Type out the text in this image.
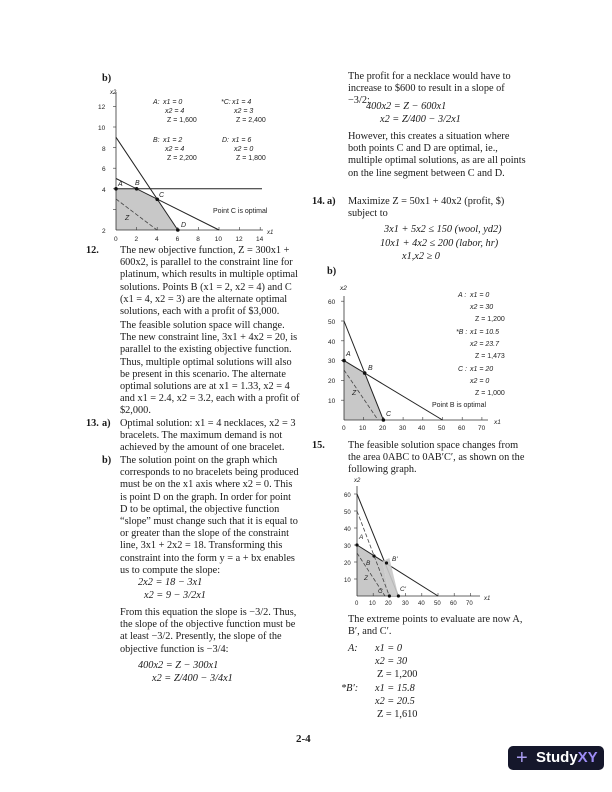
b)
2
4
6
8
10
12
0	2	4	6	8 10 12 14
x2
x1
A B
C
D
Z
Point C is optimal
A: x1 = 0
x2 = 4
Z = 1,600
*C: x1 = 4
x2 = 3
Z = 2,400
B: x1 = 2
x2 = 4
Z = 2,200
D: x1 = 6
x2 = 0
Z = 1,800
12. The new objective function, Z = 300x1 + 600x2, is parallel to the constraint line for platinum, which results in multiple optimal solutions. Points B (x1 = 2, x2 = 4) and C (x1 = 4, x2 = 3) are the alternate optimal solutions, each with a profit of $3,000.

The feasible solution space will change. The new constraint line, 3x1 + 4x2 = 20, is parallel to the existing objective function. Thus, multiple optimal solutions will also be present in this scenario. The alternate optimal solutions are at x1 = 1.33, x2 = 4 and x1 = 2.4, x2 = 3.2, each with a profit of $2,000.

13. a) Optimal solution: x1 = 4 necklaces, x2 = 3 bracelets. The maximum demand is not achieved by the amount of one bracelet.

b) The solution point on the graph which corresponds to no bracelets being produced must be on the x1 axis where x2 = 0. This is point D on the graph. In order for point D to be optimal, the objective function “slope” must change such that it is equal to or greater than the slope of the constraint line, 3x1 + 2x2 = 18. Transforming this constraint into the form y = a + bx enables us to compute the slope:

2x2 = 18 − 3x1
x2 = 9 − 3/2x1

From this equation the slope is −3/2. Thus, the slope of the objective function must be at least −3/2. Presently, the slope of the objective function is −3/4:

400x2 = Z − 300x1
x2 = Z/400 − 3/4x1

The profit for a necklace would have to increase to $600 to result in a slope of −3/2:

400x2 = Z − 600x1
x2 = Z/400 − 3/2x1

However, this creates a situation where both points C and D are optimal, ie., multiple optimal solutions, as are all points on the line segment between C and D.

14. a) Maximize Z = 50x1 + 40x2 (profit, $) subject to

3x1 + 5x2 ≤ 150 (wool, yd2)
10x1 + 4x2 ≤ 200 (labor, hr)
x1,x2 ≥ 0
b)
10
20
30
40
50
60
0 10 20 30 40 50 60 70
x2
x1
A
B
C
Z
Point B is optimal
A : x1 = 0
x2 = 30
Z = 1,200
*B : x1 = 10.5
x2 = 23.7
Z = 1,473
C : x1 = 20
x2 = 0
Z = 1,000
15. The feasible solution space changes from the area 0ABC to 0AB′C′, as shown on the following graph.

10
20
30
40
50
60
0 10 20 30 40 50 60 70
x2
x1
A
B
B′
C	C′
Z

The extreme points to evaluate are now A, B′, and C′.

A: x1 = 0
x2 = 30
Z = 1,200
*B′: x1 = 15.8
x2 = 20.5
Z = 1,610
2-4
+ StudyXY
